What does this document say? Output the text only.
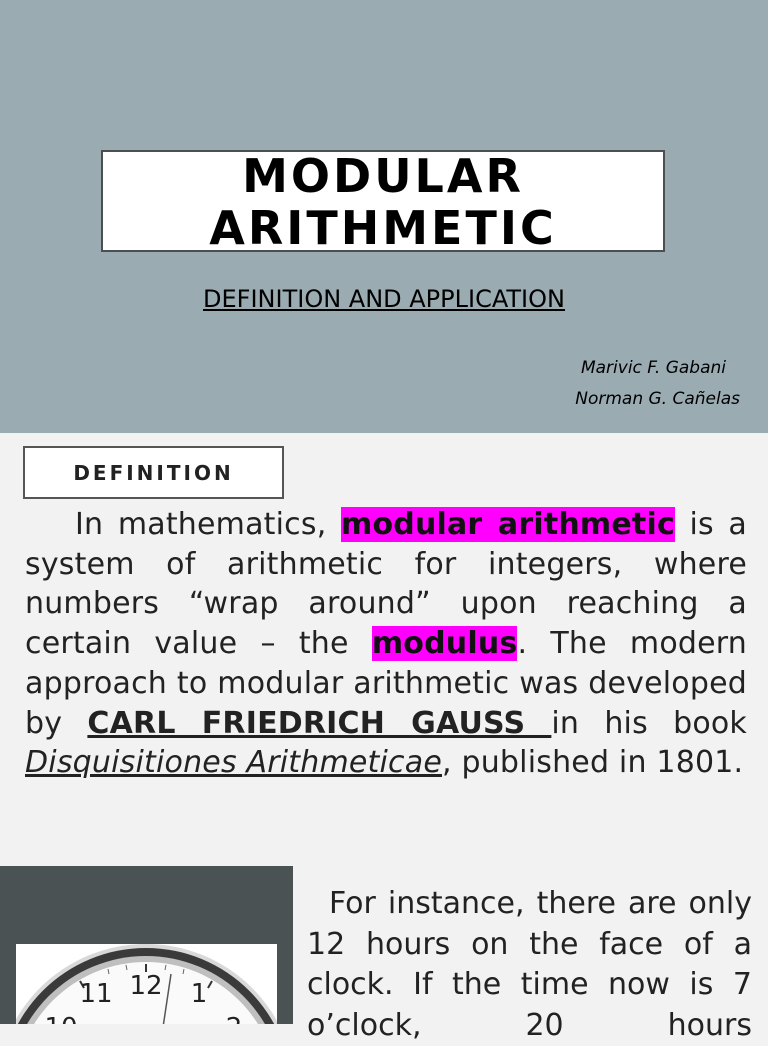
MODULAR
ARITHMETIC
DEFINITION AND APPLICATION
Marivic F. Gabani
Norman G. Cañelas
DEFINITION
In mathematics, modular arithmetic is a system of arithmetic for integers, where numbers “wrap around” upon reaching a certain value – the modulus. The modern approach to modular arithmetic was developed by CARL FRIEDRICH GAUSS in his book Disquisitiones Arithmeticae, published in 1801.
12
11	1
10	2
For instance, there are only 12 hours on the face of a clock. If the time now is 7 o’clock, 20 hours
